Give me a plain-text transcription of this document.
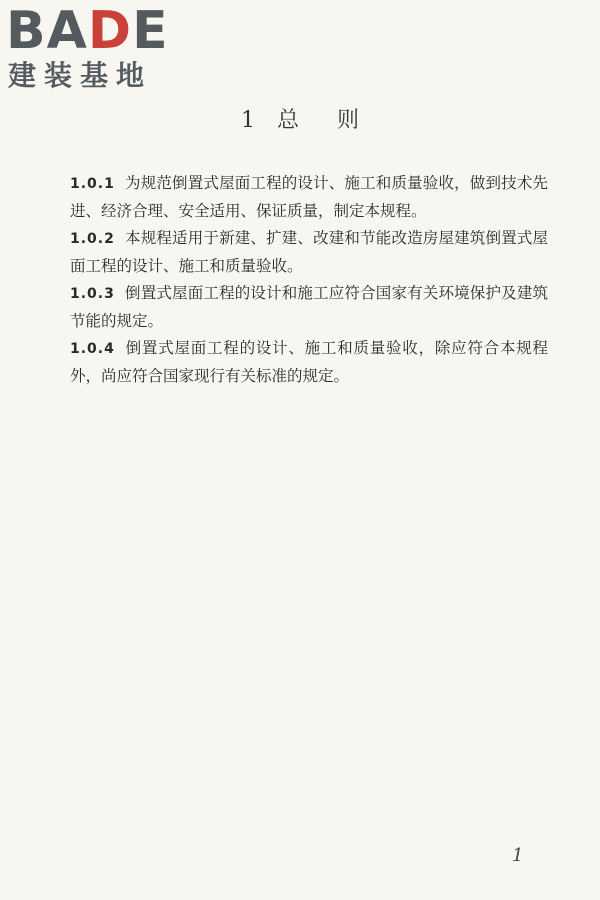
BADE
建装基地
1 总 则
1.0.1 为规范倒置式屋面工程的设计、施工和质量验收，做到技术先进、经济合理、安全适用、保证质量，制定本规程。
1.0.2 本规程适用于新建、扩建、改建和节能改造房屋建筑倒置式屋面工程的设计、施工和质量验收。
1.0.3 倒置式屋面工程的设计和施工应符合国家有关环境保护及建筑节能的规定。
1.0.4 倒置式屋面工程的设计、施工和质量验收，除应符合本规程外，尚应符合国家现行有关标准的规定。
1
